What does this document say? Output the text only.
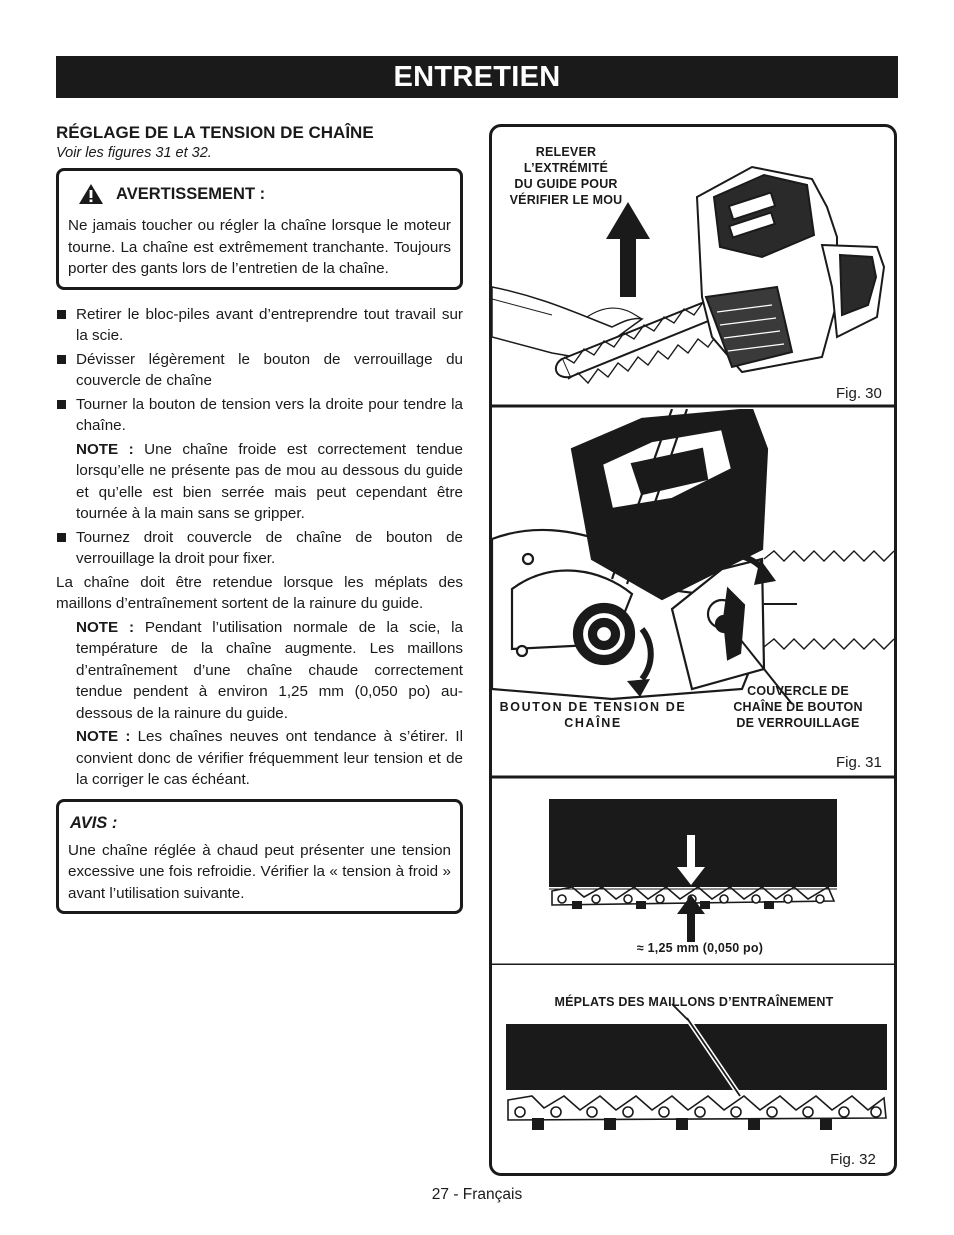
ENTRETIEN
RÉGLAGE DE LA TENSION DE CHAÎNE

Voir les figures 31 et 32.

AVERTISSEMENT :

Ne jamais toucher ou régler la chaîne lorsque le moteur tourne. La chaîne est extrêmement tranchante. Toujours porter des gants lors de l’entretien de la chaîne.

Retirer le bloc-piles avant d’entreprendre tout travail sur la scie.
Dévisser légèrement le bouton de verrouillage du couvercle de chaîne
Tourner la bouton de tension vers la droite pour tendre la chaîne.
NOTE : Une chaîne froide est correctement tendue lorsqu’elle ne présente pas de mou au dessous du guide et qu’elle est bien serrée mais peut cependant être tournée à la main sans se gripper.
Tournez droit couvercle de chaîne de bouton de verrouillage la droit pour fixer.
La chaîne doit être retendue lorsque les méplats des maillons d’entraînement sortent de la rainure du guide.
NOTE : Pendant l’utilisation normale de la scie, la température de la chaîne augmente. Les maillons d’entraînement d’une chaîne chaude correctement tendue pendent à environ 1,25 mm (0,050 po) au-dessous de la rainure du guide.
NOTE : Les chaînes neuves ont tendance à s’étirer. Il convient donc de vérifier fréquemment leur tension et de la corriger le cas échéant.
AVIS :

Une chaîne réglée à chaud peut présenter une tension excessive une fois refroidie. Vérifier la « tension à froid » avant l’utilisation suivante.

RELEVER
L’EXTRÉMITÉ
DU GUIDE POUR
VÉRIFIER LE MOU
Fig. 30
BOUTON DE TENSION DE CHAÎNE
COUVERCLE DE CHAÎNE DE BOUTON DE VERROUILLAGE
Fig. 31
≈ 1,25 mm (0,050 po)
MÉPLATS DES MAILLONS D’ENTRAÎNEMENT
Fig. 32
27 - Français
